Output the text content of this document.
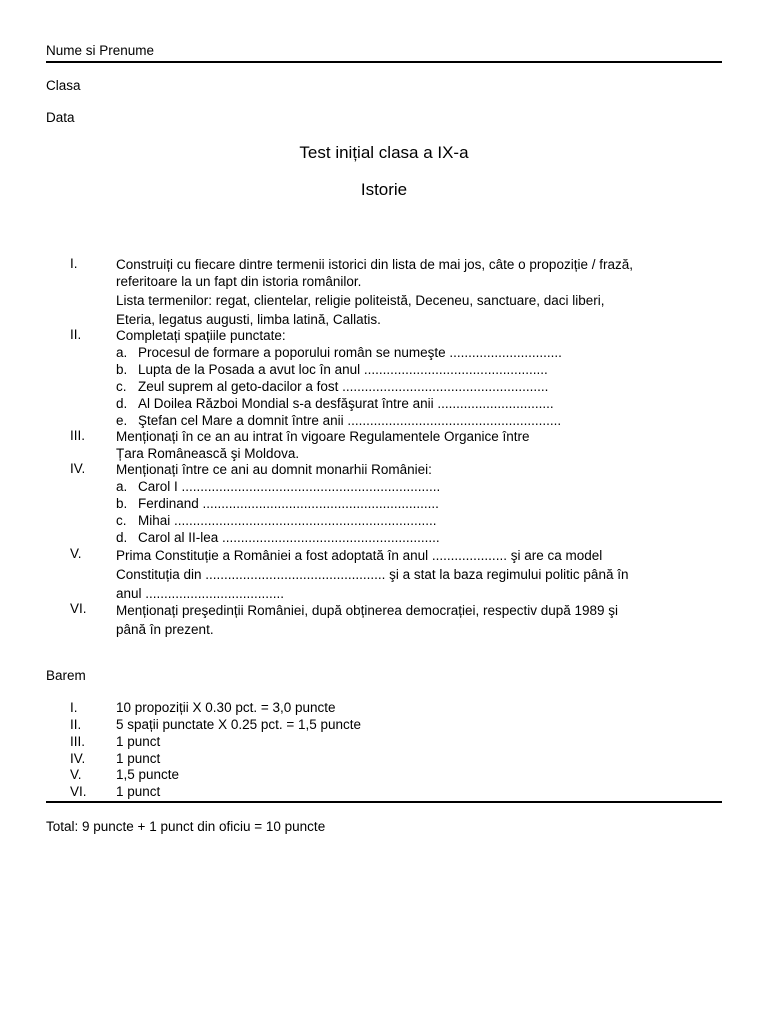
Nume si Prenume
Clasa
Data
Test inițial clasa a IX-a
Istorie
I.	Construiți cu fiecare dintre termenii istorici din lista de mai jos, câte o propoziție / frază,
referitoare la un fapt din istoria românilor.
Lista termenilor: regat, clientelar, religie politeistă, Deceneu, sanctuare, daci liberi,
Eteria, legatus augusti, limba latină, Callatis.
II.	Completați spațiile punctate:
a. Procesul de formare a poporului român se numeşte ..............................
b. Lupta de la Posada a avut loc în anul .................................................
c. Zeul suprem al geto-dacilor a fost .......................................................
d. Al Doilea Război Mondial s-a desfăşurat între anii ...............................
e. Ştefan cel Mare a domnit între anii .........................................................
III. Menționați în ce an au intrat în vigoare Regulamentele Organice între
Țara Românească şi Moldova.
IV. Menționați între ce ani au domnit monarhii României:
a. Carol I .....................................................................
b. Ferdinand ...............................................................
c. Mihai ......................................................................
d. Carol al II-lea ..........................................................
V.	Prima Constituție a României a fost adoptată în anul .................... şi are ca model
Constituția din ................................................ şi a stat la baza regimului politic până în
anul .....................................
VI. Menționați preşedinții României, după obținerea democrației, respectiv după 1989 şi
până în prezent.
Barem
I.	10 propoziții X 0.30 pct. = 3,0 puncte
II.	5 spații punctate X 0.25 pct. = 1,5 puncte
III. 1 punct
IV. 1 punct
V.	1,5 puncte
VI. 1 punct
Total: 9 puncte + 1 punct din oficiu = 10 puncte
